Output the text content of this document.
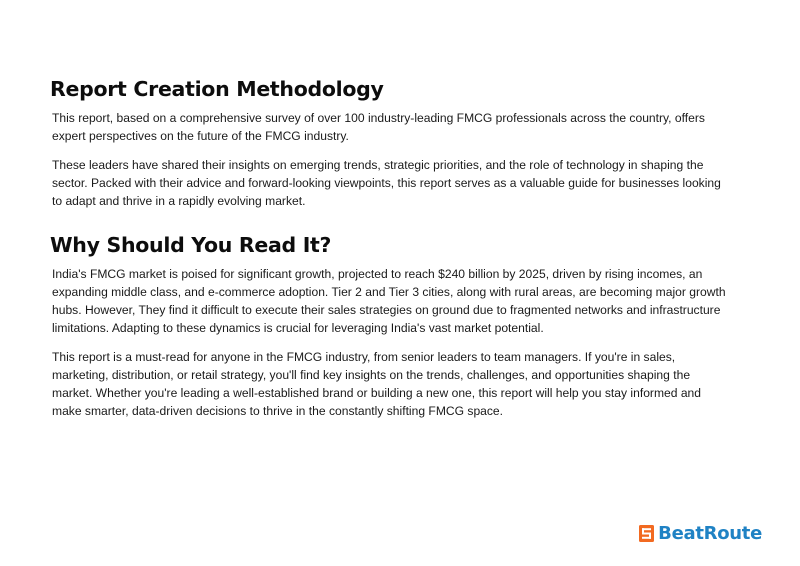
Report Creation Methodology

This report, based on a comprehensive survey of over 100 industry-leading FMCG professionals across the country, offers expert perspectives on the future of the FMCG industry.

These leaders have shared their insights on emerging trends, strategic priorities, and the role of technology in shaping the sector. Packed with their advice and forward-looking viewpoints, this report serves as a valuable guide for businesses looking to adapt and thrive in a rapidly evolving market.

Why Should You Read It?

India's FMCG market is poised for significant growth, projected to reach $240 billion by 2025, driven by rising incomes, an expanding middle class, and e-commerce adoption. Tier 2 and Tier 3 cities, along with rural areas, are becoming major growth hubs. However, They find it difficult to execute their sales strategies on ground due to fragmented networks and infrastructure limitations. Adapting to these dynamics is crucial for leveraging India's vast market potential.

This report is a must-read for anyone in the FMCG industry, from senior leaders to team managers. If you're in sales, marketing, distribution, or retail strategy, you'll find key insights on the trends, challenges, and opportunities shaping the market. Whether you're leading a well-established brand or building a new one, this report will help you stay informed and make smarter, data-driven decisions to thrive in the constantly shifting FMCG space.

BeatRoute
